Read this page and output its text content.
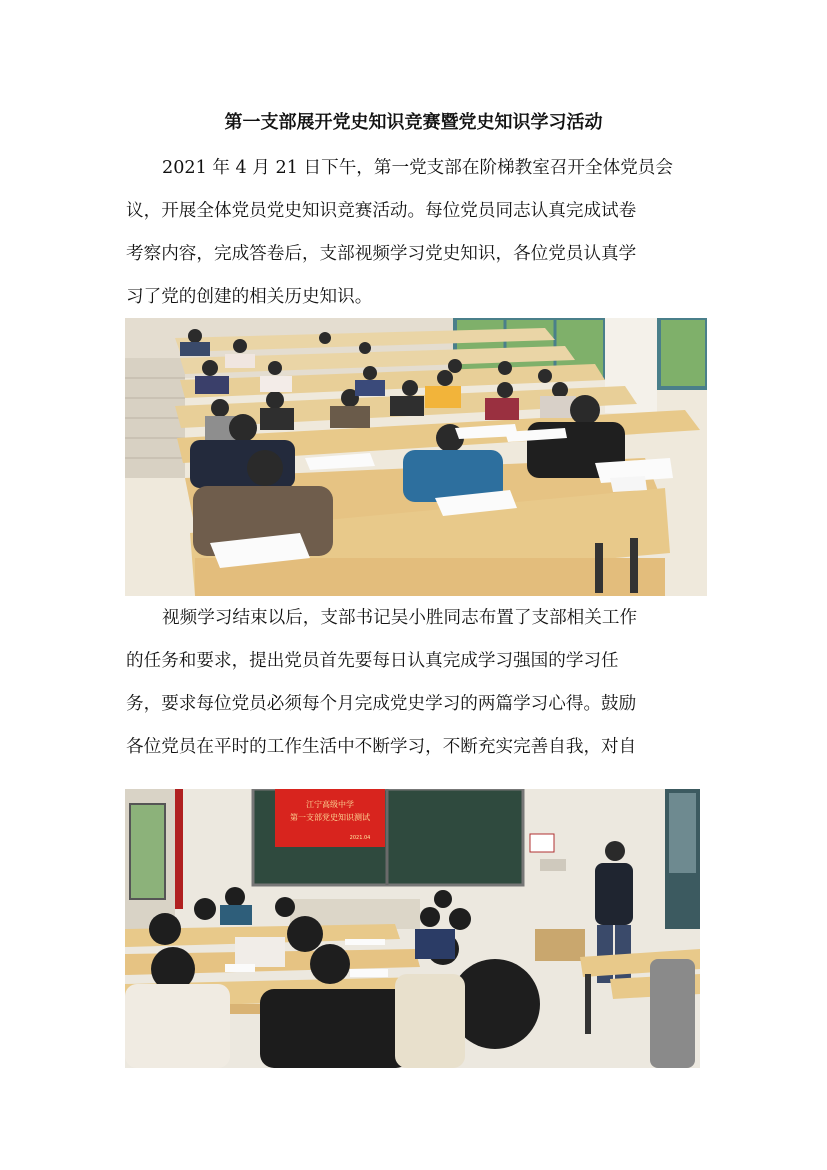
第一支部展开党史知识竞赛暨党史知识学习活动
2021 年 4 月 21 日下午，第一党支部在阶梯教室召开全体党员会
议，开展全体党员党史知识竞赛活动。每位党员同志认真完成试卷
考察内容，完成答卷后，支部视频学习党史知识，各位党员认真学
习了党的创建的相关历史知识。
视频学习结束以后，支部书记吴小胜同志布置了支部相关工作
的任务和要求，提出党员首先要每日认真完成学习强国的学习任
务，要求每位党员必须每个月完成党史学习的两篇学习心得。鼓励
各位党员在平时的工作生活中不断学习，不断充实完善自我，对自
江宁高级中学
第一支部党史知识测试
2021.04
